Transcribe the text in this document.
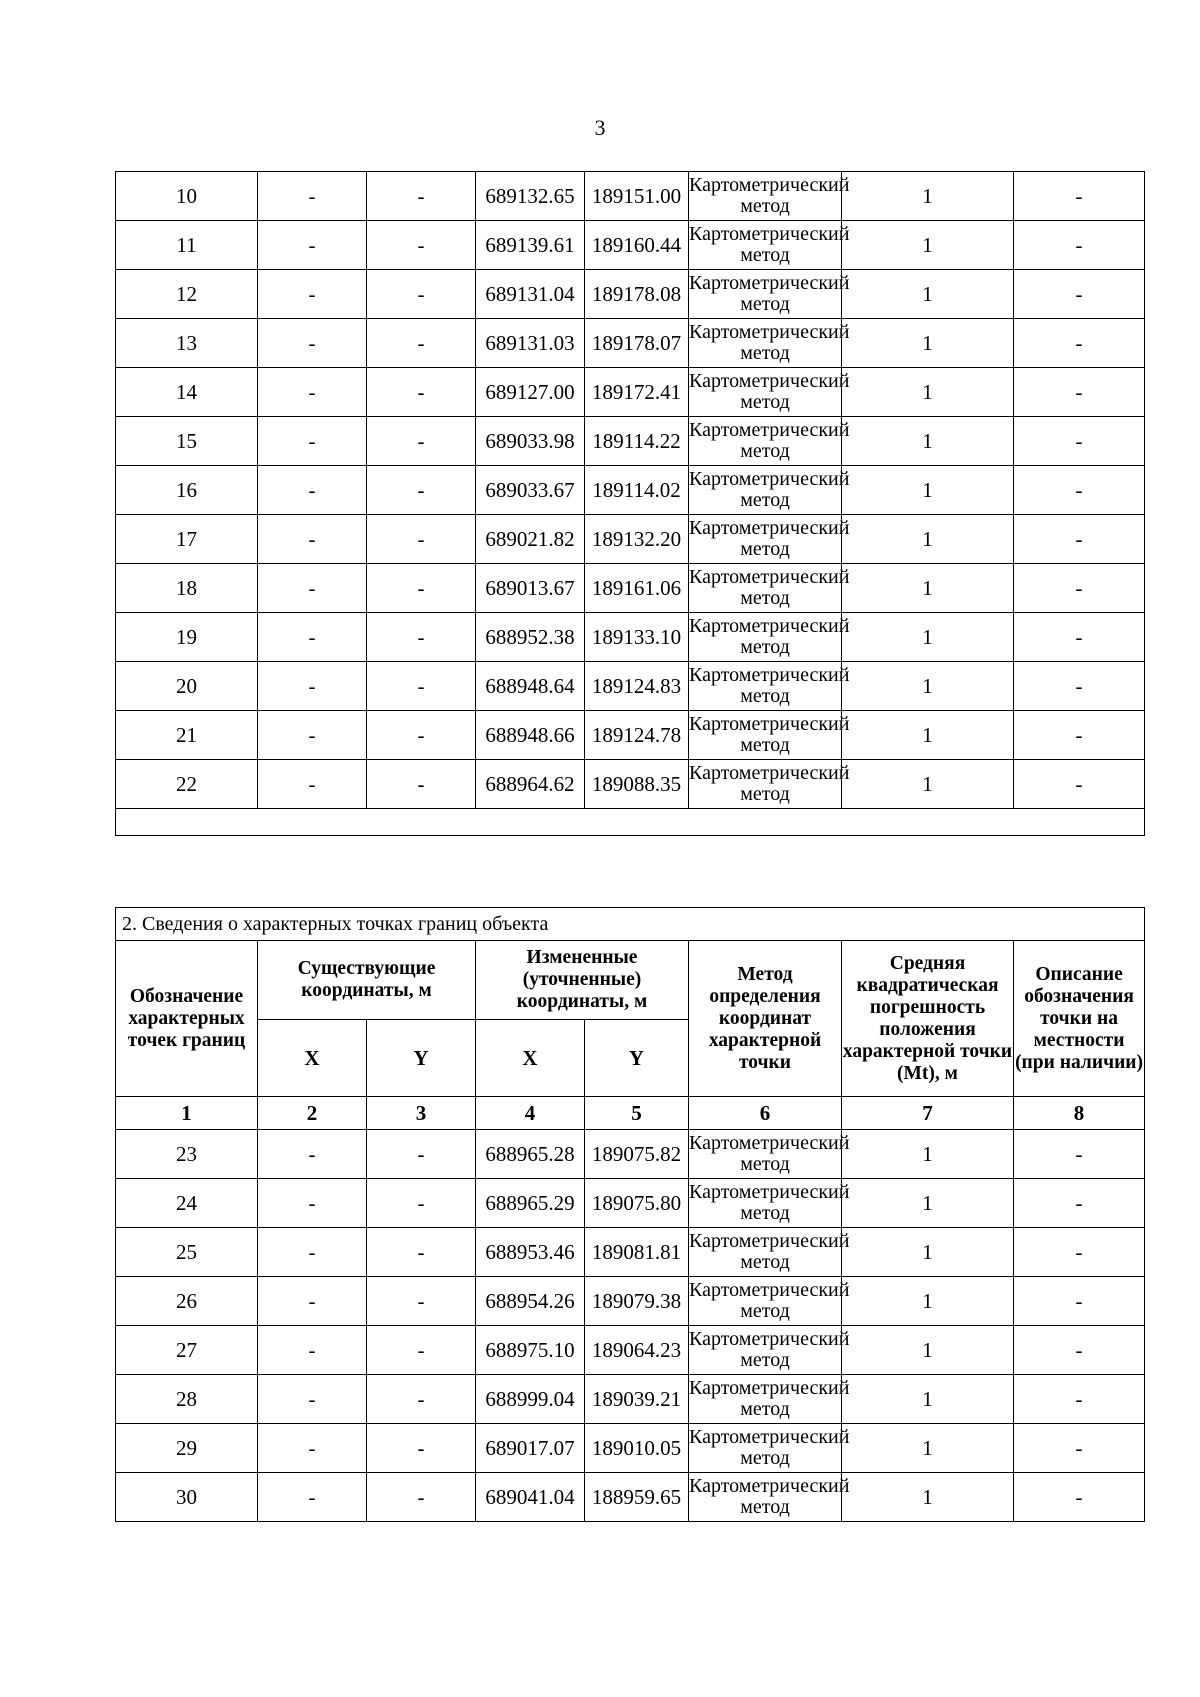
3
10	-	-	689132.65	189151.00	Картометрический метод	1	-
11	-	-	689139.61	189160.44	Картометрический метод	1	-
12	-	-	689131.04	189178.08	Картометрический метод	1	-
13	-	-	689131.03	189178.07	Картометрический метод	1	-
14	-	-	689127.00	189172.41	Картометрический метод	1	-
15	-	-	689033.98	189114.22	Картометрический метод	1	-
16	-	-	689033.67	189114.02	Картометрический метод	1	-
17	-	-	689021.82	189132.20	Картометрический метод	1	-
18	-	-	689013.67	189161.06	Картометрический метод	1	-
19	-	-	688952.38	189133.10	Картометрический метод	1	-
20	-	-	688948.64	189124.83	Картометрический метод	1	-
21	-	-	688948.66	189124.78	Картометрический метод	1	-
22	-	-	688964.62	189088.35	Картометрический метод	1	-

2. Сведения о характерных точках границ объекта							
Обозначение характерных точек границ	Существующие координаты, м		Измененные (уточненные) координаты, м		Метод определения координат характерной точки	Средняя квадратическая погрешность положения характерной точки (Mt), м	Описание обозначения точки на местности (при наличии)
	X	Y	X	Y			
1	2	3	4	5	6	7	8
23	-	-	688965.28	189075.82	Картометрический метод	1	-
24	-	-	688965.29	189075.80	Картометрический метод	1	-
25	-	-	688953.46	189081.81	Картометрический метод	1	-
26	-	-	688954.26	189079.38	Картометрический метод	1	-
27	-	-	688975.10	189064.23	Картометрический метод	1	-
28	-	-	688999.04	189039.21	Картометрический метод	1	-
29	-	-	689017.07	189010.05	Картометрический метод	1	-
30	-	-	689041.04	188959.65	Картометрический метод	1	-
